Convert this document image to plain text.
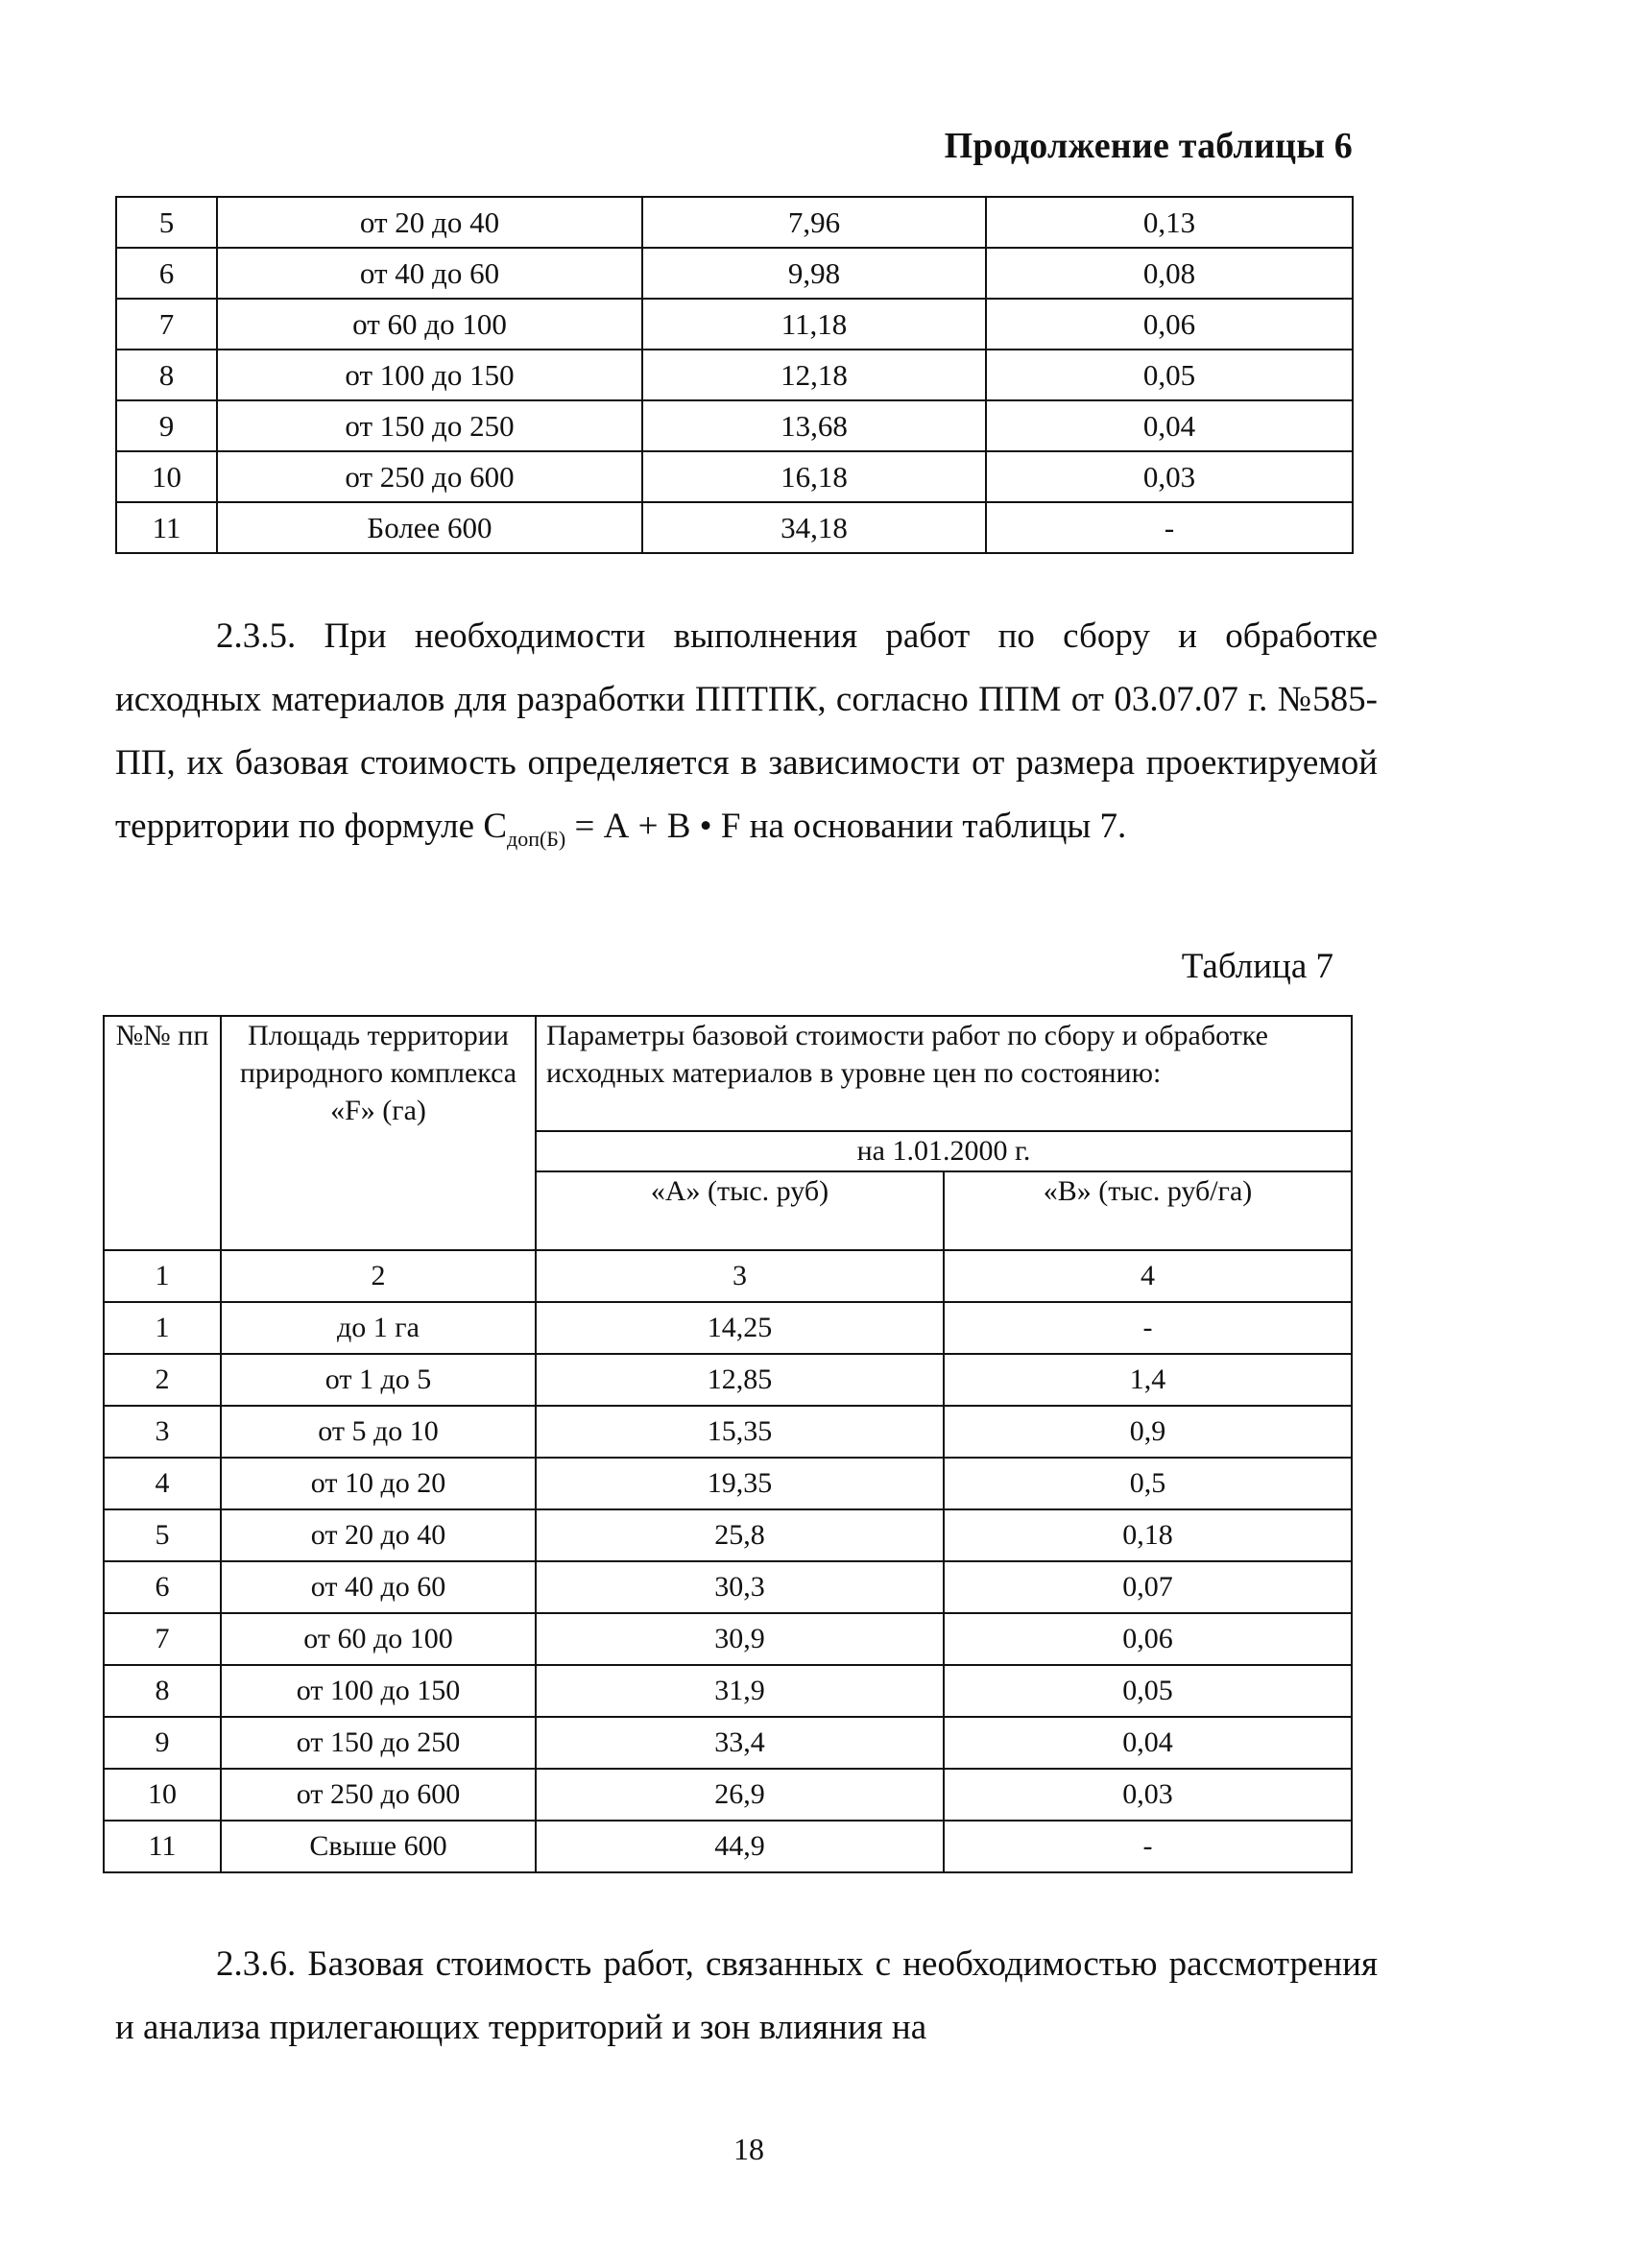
Продолжение таблицы 6
5	от 20 до 40	7,96	0,13
6	от 40 до 60	9,98	0,08
7	от 60 до 100	11,18	0,06
8	от 100 до 150	12,18	0,05
9	от 150 до 250	13,68	0,04
10	от 250 до 600	16,18	0,03
11	Более 600	34,18	-
2.3.5. При необходимости выполнения работ по сбору и обработке исходных материалов для разработки ППТПК, согласно ППМ от 03.07.07 г. №585-ПП, их базовая стоимость определяется в зависимости от размера проектируемой территории по формуле $С_{доп(Б)} = А + В$ • F на основании таблицы 7.
Таблица 7
№№ пп	Площадь территории природного комплекса «F» (га)	Параметры базовой стоимости работ по сбору и обработке исходных материалов в уровне цен по состоянию:	
		на 1.01.2000 г.	
		«А» (тыс. руб)	«В» (тыс. руб/га)
1	2	3	4
1	до 1 га	14,25	-
2	от 1 до 5	12,85	1,4
3	от 5 до 10	15,35	0,9
4	от 10 до 20	19,35	0,5
5	от 20 до 40	25,8	0,18
6	от 40 до 60	30,3	0,07
7	от 60 до 100	30,9	0,06
8	от 100 до 150	31,9	0,05
9	от 150 до 250	33,4	0,04
10	от 250 до 600	26,9	0,03
11	Свыше 600	44,9	-
2.3.6. Базовая стоимость работ, связанных с необходимостью рассмотрения и анализа прилегающих территорий и зон влияния на
18
